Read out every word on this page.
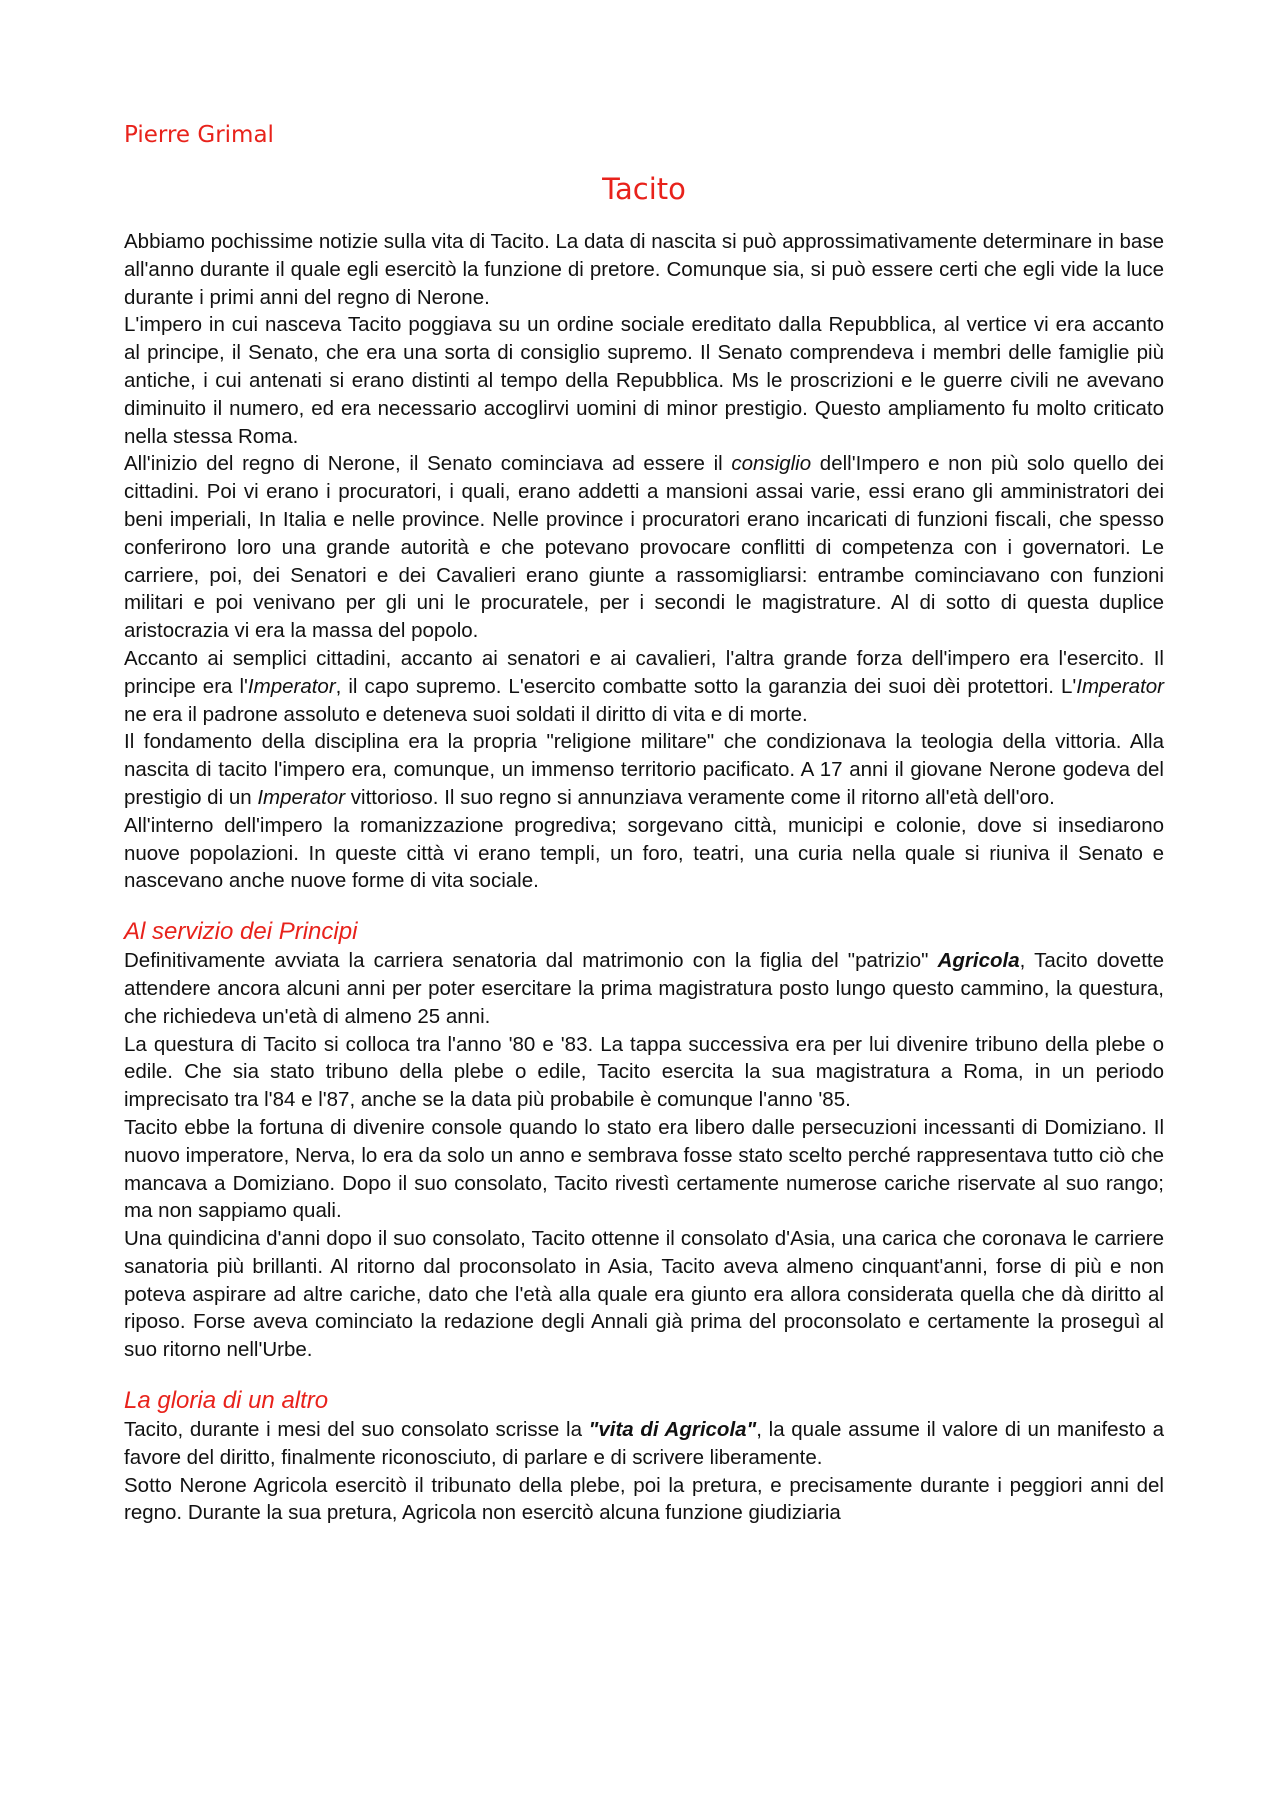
Pierre Grimal
Tacito

Abbiamo pochissime notizie sulla vita di Tacito. La data di nascita si può approssimativamente determinare in base all'anno durante il quale egli esercitò la funzione di pretore. Comunque sia, si può essere certi che egli vide la luce durante i primi anni del regno di Nerone.

L'impero in cui nasceva Tacito poggiava su un ordine sociale ereditato dalla Repubblica, al vertice vi era accanto al principe, il Senato, che era una sorta di consiglio supremo. Il Senato comprendeva i membri delle famiglie più antiche, i cui antenati si erano distinti al tempo della Repubblica. Ms le proscrizioni e le guerre civili ne avevano diminuito il numero, ed era necessario accoglirvi uomini di minor prestigio. Questo ampliamento fu molto criticato nella stessa Roma.

All'inizio del regno di Nerone, il Senato cominciava ad essere il consiglio dell'Impero e non più solo quello dei cittadini. Poi vi erano i procuratori, i quali, erano addetti a mansioni assai varie, essi erano gli amministratori dei beni imperiali, In Italia e nelle province. Nelle province i procuratori erano incaricati di funzioni fiscali, che spesso conferirono loro una grande autorità e che potevano provocare conflitti di competenza con i governatori. Le carriere, poi, dei Senatori e dei Cavalieri erano giunte a rassomigliarsi: entrambe cominciavano con funzioni militari e poi venivano per gli uni le procuratele, per i secondi le magistrature. Al di sotto di questa duplice aristocrazia vi era la massa del popolo.

Accanto ai semplici cittadini, accanto ai senatori e ai cavalieri, l'altra grande forza dell'impero era l'esercito. Il principe era l'Imperator, il capo supremo. L'esercito combatte sotto la garanzia dei suoi dèi protettori. L'Imperator ne era il padrone assoluto e deteneva suoi soldati il diritto di vita e di morte.

Il fondamento della disciplina era la propria "religione militare" che condizionava la teologia della vittoria. Alla nascita di tacito l'impero era, comunque, un immenso territorio pacificato. A 17 anni il giovane Nerone godeva del prestigio di un Imperator vittorioso. Il suo regno si annunziava veramente come il ritorno all'età dell'oro.

All'interno dell'impero la romanizzazione progrediva; sorgevano città, municipi e colonie, dove si insediarono nuove popolazioni. In queste città vi erano templi, un foro, teatri, una curia nella quale si riuniva il Senato e nascevano anche nuove forme di vita sociale.

Al servizio dei Principi

Definitivamente avviata la carriera senatoria dal matrimonio con la figlia del "patrizio" Agricola, Tacito dovette attendere ancora alcuni anni per poter esercitare la prima magistratura posto lungo questo cammino, la questura, che richiedeva un'età di almeno 25 anni.

La questura di Tacito si colloca tra l'anno '80 e '83. La tappa successiva era per lui divenire tribuno della plebe o edile. Che sia stato tribuno della plebe o edile, Tacito esercita la sua magistratura a Roma, in un periodo imprecisato tra l'84 e l'87, anche se la data più probabile è comunque l'anno '85.

Tacito ebbe la fortuna di divenire console quando lo stato era libero dalle persecuzioni incessanti di Domiziano. Il nuovo imperatore, Nerva, lo era da solo un anno e sembrava fosse stato scelto perché rappresentava tutto ciò che mancava a Domiziano. Dopo il suo consolato, Tacito rivestì certamente numerose cariche riservate al suo rango; ma non sappiamo quali.

Una quindicina d'anni dopo il suo consolato, Tacito ottenne il consolato d'Asia, una carica che coronava le carriere sanatoria più brillanti. Al ritorno dal proconsolato in Asia, Tacito aveva almeno cinquant'anni, forse di più e non poteva aspirare ad altre cariche, dato che l'età alla quale era giunto era allora considerata quella che dà diritto al riposo. Forse aveva cominciato la redazione degli Annali già prima del proconsolato e certamente la proseguì al suo ritorno nell'Urbe.

La gloria di un altro

Tacito, durante i mesi del suo consolato scrisse la "vita di Agricola", la quale assume il valore di un manifesto a favore del diritto, finalmente riconosciuto, di parlare e di scrivere liberamente.

Sotto Nerone Agricola esercitò il tribunato della plebe, poi la pretura, e precisamente durante i peggiori anni del regno. Durante la sua pretura, Agricola non esercitò alcuna funzione giudiziaria
